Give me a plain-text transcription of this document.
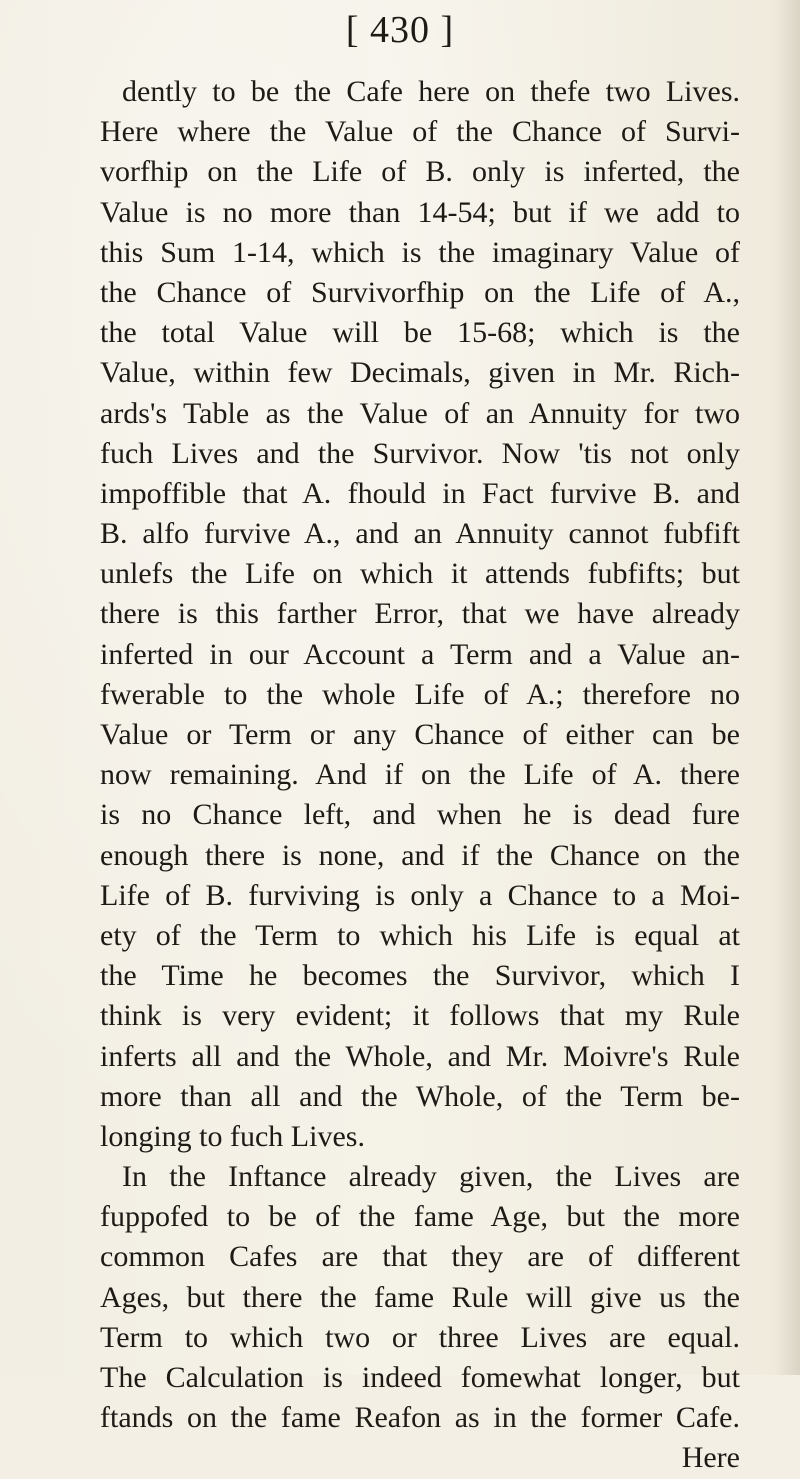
[ 430 ]
dently to be the Cafe here on thefe two Lives.
Here where the Value of the Chance of Survi-
vorfhip on the Life of B. only is inferted, the
Value is no more than 14-54; but if we add to
this Sum 1-14, which is the imaginary Value of
the Chance of Survivorfhip on the Life of A.,
the total Value will be 15-68; which is the
Value, within few Decimals, given in Mr. Rich-
ards's Table as the Value of an Annuity for two
fuch Lives and the Survivor. Now 'tis not only
impoffible that A. fhould in Fact furvive B. and
B. alfo furvive A., and an Annuity cannot fubfift
unlefs the Life on which it attends fubfifts; but
there is this farther Error, that we have already
inferted in our Account a Term and a Value an-
fwerable to the whole Life of A.; therefore no
Value or Term or any Chance of either can be
now remaining. And if on the Life of A. there
is no Chance left, and when he is dead fure
enough there is none, and if the Chance on the
Life of B. furviving is only a Chance to a Moi-
ety of the Term to which his Life is equal at
the Time he becomes the Survivor, which I
think is very evident; it follows that my Rule
inferts all and the Whole, and Mr. Moivre's Rule
more than all and the Whole, of the Term be-
longing to fuch Lives.
In the Inftance already given, the Lives are
fuppofed to be of the fame Age, but the more
common Cafes are that they are of different
Ages, but there the fame Rule will give us the
Term to which two or three Lives are equal.
The Calculation is indeed fomewhat longer, but
ftands on the fame Reafon as in the former Cafe.
Here
